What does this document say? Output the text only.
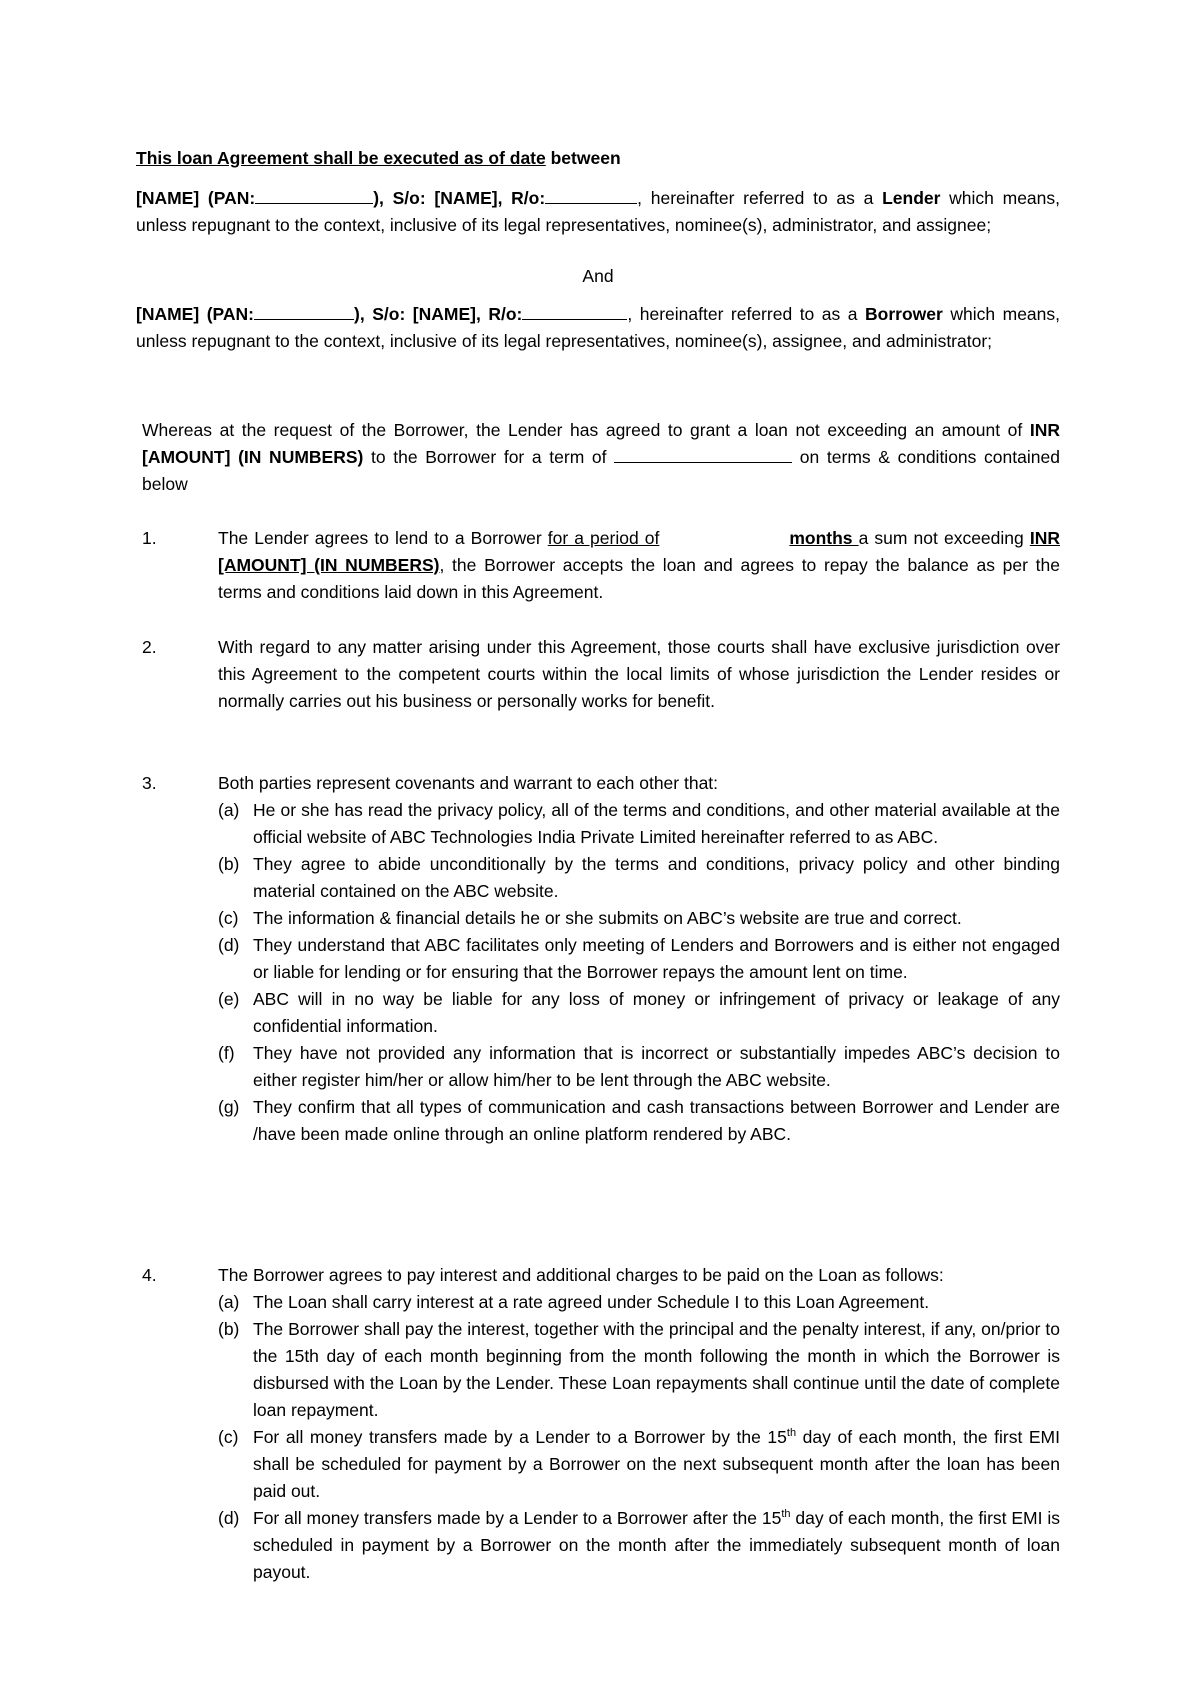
This loan Agreement shall be executed as of date between
[NAME] (PAN:	), S/o: [NAME], R/o:	, hereinafter referred to as a Lender which means, unless repugnant to the context, inclusive of its legal representatives, nominee(s), administrator, and assignee;
And
[NAME] (PAN:	), S/o: [NAME], R/o:	, hereinafter referred to as a Borrower which means, unless repugnant to the context, inclusive of its legal representatives, nominee(s), assignee, and administrator;
Whereas at the request of the Borrower, the Lender has agreed to grant a loan not exceeding an amount of INR [AMOUNT] (IN NUMBERS) to the Borrower for a term of	on terms & conditions contained below
1.	The Lender agrees to lend to a Borrower for a period of	months a sum not exceeding INR [AMOUNT] (IN NUMBERS), the Borrower accepts the loan and agrees to repay the balance as per the terms and conditions laid down in this Agreement.
2.	With regard to any matter arising under this Agreement, those courts shall have exclusive jurisdiction over this Agreement to the competent courts within the local limits of whose jurisdiction the Lender resides or normally carries out his business or personally works for benefit.
3.	Both parties represent covenants and warrant to each other that:
(a) He or she has read the privacy policy, all of the terms and conditions, and other material available at the official website of ABC Technologies India Private Limited hereinafter referred to as ABC.
(b) They agree to abide unconditionally by the terms and conditions, privacy policy and other binding material contained on the ABC website.
(c) The information & financial details he or she submits on ABC’s website are true and correct.
(d) They understand that ABC facilitates only meeting of Lenders and Borrowers and is either not engaged or liable for lending or for ensuring that the Borrower repays the amount lent on time.
(e) ABC will in no way be liable for any loss of money or infringement of privacy or leakage of any confidential information.
(f) They have not provided any information that is incorrect or substantially impedes ABC’s decision to either register him/her or allow him/her to be lent through the ABC website.
(g) They confirm that all types of communication and cash transactions between Borrower and Lender are /have been made online through an online platform rendered by ABC.
4.	The Borrower agrees to pay interest and additional charges to be paid on the Loan as follows:
(a) The Loan shall carry interest at a rate agreed under Schedule I to this Loan Agreement.
(b) The Borrower shall pay the interest, together with the principal and the penalty interest, if any, on/prior to the 15th day of each month beginning from the month following the month in which the Borrower is disbursed with the Loan by the Lender. These Loan repayments shall continue until the date of complete loan repayment.
(c) For all money transfers made by a Lender to a Borrower by the 15th day of each month, the first EMI shall be scheduled for payment by a Borrower on the next subsequent month after the loan has been paid out.
(d) For all money transfers made by a Lender to a Borrower after the 15th day of each month, the first EMI is scheduled in payment by a Borrower on the month after the immediately subsequent month of loan payout.
